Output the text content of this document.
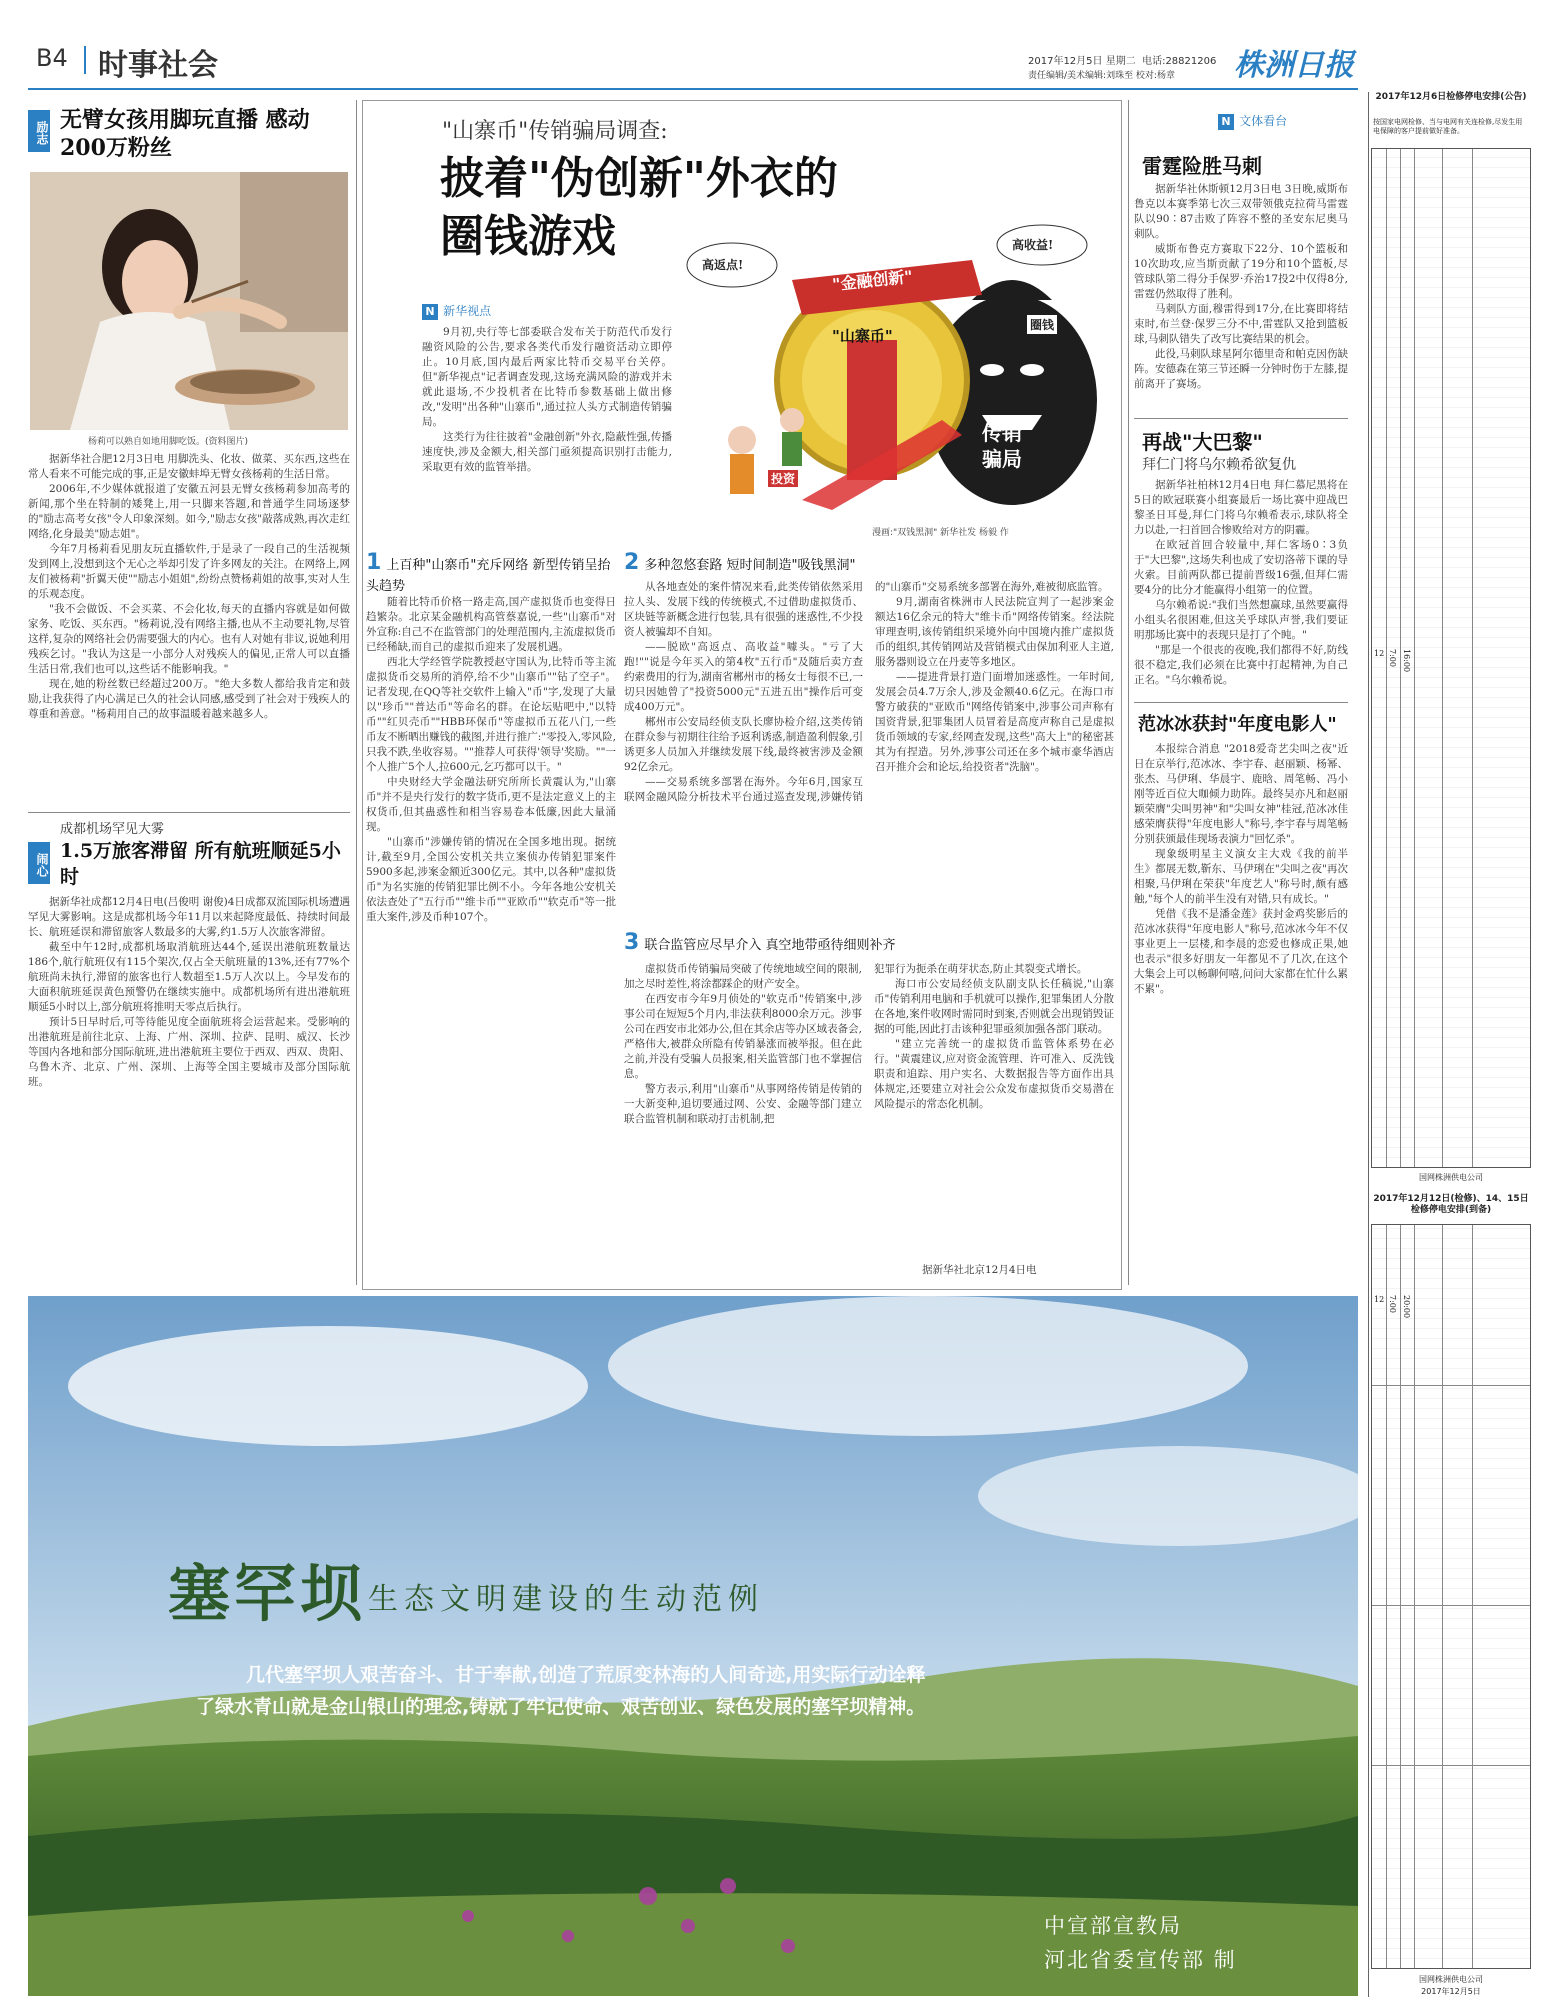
B4 时事社会	2017年12月5日 星期二 电话:28821206
责任编辑/美术编辑:刘珠至 校对:杨章 株洲日报
励志 无臂女孩用脚玩直播 感动200万粉丝
杨莉可以熟自如地用脚吃饭。(资料图片)

据新华社合肥12月3日电 用脚洗头、化妆、做菜、买东西,这些在常人看来不可能完成的事,正是安徽蚌埠无臂女孩杨莉的生活日常。

2006年,不少媒体就报道了安徽五河县无臂女孩杨莉参加高考的新闻,那个坐在特制的矮凳上,用一只脚来答题,和普通学生同场逐梦的"励志高考女孩"令人印象深刻。如今,"励志女孩"敲落成熟,再次走红网络,化身最美"励志姐"。

今年7月杨莉看见朋友玩直播软件,于是录了一段自己的生活视频发到网上,没想到这个无心之举却引发了许多网友的关注。在网络上,网友们被杨莉"折翼天使""励志小姐姐",纷纷点赞杨莉姐的故事,实对人生的乐观态度。

"我不会做饭、不会买菜、不会化妆,每天的直播内容就是如何做家务、吃饭、买东西。"杨莉说,没有网络主播,也从不主动要礼物,尽管这样,复杂的网络社会仍需要强大的内心。也有人对她有非议,说她利用残疾乞讨。"我认为这是一小部分人对残疾人的偏见,正常人可以直播生活日常,我们也可以,这些话不能影响我。"

现在,她的粉丝数已经超过200万。"绝大多数人都给我肯定和鼓励,让我获得了内心满足已久的社会认同感,感受到了社会对于残疾人的尊重和善意。"杨莉用自己的故事温暖着越来越多人。

成都机场罕见大雾
闹心
1.5万旅客滞留 所有航班顺延5小时

据新华社成都12月4日电(吕俊明 谢俊)4日成都双流国际机场遭遇罕见大雾影响。这是成都机场今年11月以来起降度最低、持续时间最长、航班延误和滞留旅客人数最多的大雾,约1.5万人次旅客滞留。

截至中午12时,成都机场取消航班达44个,延误出港航班数量达186个,航行航班仅有115个架次,仅占全天航班量的13%,还有77%个航班尚未执行,滞留的旅客也行人数超至1.5万人次以上。今早发布的大面积航班延误黄色预警仍在继续实施中。成都机场所有进出港航班顺延5小时以上,部分航班将推明天零点后执行。

预计5日早时后,可等待能见度全面航班将会运营起来。受影响的出港航班是前往北京、上海、广州、深圳、拉萨、昆明、威汉、长沙等国内各地和部分国际航班,进出港航班主要位于西双、西双、贵阳、乌鲁木齐、北京、广州、深圳、上海等全国主要城市及部分国际航班。

"山寨币"传销骗局调查:
披着"伪创新"外衣的圈钱游戏
"金融创新"
高返点!
高收益!
"山寨币"
圈钱
传销骗局
投资
漫画:"双钱黑洞" 新华社发 杨毅 作
N 新华视点

9月初,央行等七部委联合发布关于防范代币发行融资风险的公告,要求各类代币发行融资活动立即停止。10月底,国内最后两家比特币交易平台关停。但"新华视点"记者调查发现,这场充满风险的游戏并未就此退场,不少投机者在比特币参数基础上做出修改,"发明"出各种"山寨币",通过拉人头方式制造传销骗局。

这类行为往往披着"金融创新"外衣,隐蔽性强,传播速度快,涉及金额大,相关部门亟须提高识别打击能力,采取更有效的监管举措。

1 上百种"山寨币"充斥网络 新型传销呈抬头趋势

随着比特币价格一路走高,国产虚拟货币也变得日趋繁杂。北京某金融机构高管蔡嘉说,一些"山寨币"对外宣称:自己不在监管部门的处理范围内,主流虚拟货币已经稀缺,而自己的虚拟币迎来了发展机遇。

西北大学经管学院教授赵守国认为,比特币等主流虚拟货币交易所的消停,给不少"山寨币""钻了空子"。记者发现,在QQ等社交软件上输入"币"字,发现了大量以"珍币""普达币"等命名的群。在论坛贴吧中,"以特币""红贝壳币""HBB环保币"等虚拟币五花八门,一些币友不断晒出赚钱的截图,并进行推广:"零投入,零风险,只我不跌,坐收容易。""推荐人可获得'领导'奖励。""一个人推广5个人,拉600元,乞巧都可以干。"

中央财经大学金融法研究所所长黄震认为,"山寨币"并不是央行发行的数字货币,更不是法定意义上的主权货币,但其蛊惑性和相当容易卷本低廉,因此大量涌现。

"山寨币"涉嫌传销的情况在全国多地出现。据统计,截至9月,全国公安机关共立案侦办传销犯罪案件5900多起,涉案金额近300亿元。其中,以各种"虚拟货币"为名实施的传销犯罪比例不小。今年各地公安机关依法查处了"五行币""维卡币""亚欧币""软克币"等一批重大案件,涉及币种107个。

2 多种忽悠套路 短时间制造"吸钱黑洞"

从各地查处的案件情况来看,此类传销依然采用拉人头、发展下线的传统模式,不过借助虚拟货币、区块链等新概念进行包装,具有很强的迷惑性,不少投资人被骗却不自知。

——脱欧"高返点、高收益"噱头。"亏了大跑!""说是今年买入的第4枚"五行币"及随后卖方查约索费用的行为,湖南省郴州市的杨女士每很不已,一切只因她曾了"投资5000元"五进五出"操作后可变成400万元"。

郴州市公安局经侦支队长廖协检介绍,这类传销在群众参与初期往往给予返利诱惑,制造盈利假象,引诱更多人员加入并继续发展下线,最终被害涉及金额92亿余元。

——交易系统多部署在海外。今年6月,国家互联网金融风险分析技术平台通过巡查发现,涉嫌传销的"山寨币"交易系统多部署在海外,难被彻底监管。

9月,湖南省株洲市人民法院宣判了一起涉案金额达16亿余元的特大"维卡币"网络传销案。经法院审理查明,该传销组织采境外向中国境内推广虚拟货币的组织,其传销网站及营销模式由保加利亚人主道,服务器则设立在丹麦等多地区。

——提进背景打造门面增加迷惑性。一年时间,发展会员4.7万余人,涉及金额40.6亿元。在海口市警方破获的"亚欧币"网络传销案中,涉事公司声称有国资背景,犯罪集团人员冒着是高度声称自己是虚拟货币领域的专家,经网查发现,这些"高大上"的秘密甚其为有捏造。另外,涉事公司还在多个城市豪华酒店召开推介会和论坛,给投资者"洗脑"。

3 联合监管应尽早介入 真空地带亟待细则补齐

虚拟货币传销骗局突破了传统地域空间的限制,加之尽时差性,将涂都踩企的财产安全。

在西安市今年9月侦处的"软克币"传销案中,涉事公司在短短5个月内,非法获利8000余万元。涉事公司在西安市北郊办公,但在其余店等办区域表备会,严格伟大,被群众所隐有传销暴涨而被举报。但在此之前,并没有受骗人员报案,相关监管部门也不掌握信息。

警方表示,利用"山寨币"从事网络传销是传销的一大新变种,追切要通过网、公安、金融等部门建立联合监管机制和联动打击机制,把

犯罪行为扼杀在萌芽状态,防止其裂变式增长。

海口市公安局经侦支队副支队长任稿说,"山寨币"传销利用电脑和手机就可以操作,犯罪集团人分散在各地,案件收网时需同时到案,否则就会出现销毁证据的可能,因此打击该种犯罪亟须加强各部门联动。

"建立完善统一的虚拟货币监管体系势在必行。"黄震建议,应对资金流管理、许可准入、反洗钱职责和追踪、用户实名、大数据报告等方面作出具体规定,还要建立对社会公众发布虚拟货币交易潜在风险提示的常态化机制。

据新华社北京12月4日电
N 文体看台
雷霆险胜马刺

据新华社休斯顿12月3日电 3日晚,威斯布鲁克以本赛季第七次三双带领俄克拉荷马雷霆队以90∶87击败了阵容不整的圣安东尼奥马刺队。

威斯布鲁克方赛取下22分、10个篮板和10次助攻,应当斯贡献了19分和10个篮板,尽管球队第二得分手保罗·乔治17投2中仅得8分,雷霆仍然取得了胜利。

马刺队方面,穆雷得到17分,在比赛即将结束时,布兰登·保罗三分不中,雷霆队又抢到篮板球,马刺队错失了改写比赛结果的机会。

此役,马刺队球星阿尔德里奇和帕克因伤缺阵。安德森在第三节还瞬一分钟时伤于左膝,提前离开了赛场。

再战"大巴黎"
拜仁门将乌尔赖希欲复仇

据新华社柏林12月4日电 拜仁慕尼黑将在5日的欧冠联赛小组赛最后一场比赛中迎战巴黎圣日耳曼,拜仁门将乌尔赖希表示,球队将全力以赴,一扫首回合惨败给对方的阴霾。

在欧冠首回合较量中,拜仁客场0∶3负于"大巴黎",这场失利也成了安切洛蒂下课的导火索。目前两队都已提前晋级16强,但拜仁需要4分的比分才能赢得小组第一的位置。

乌尔赖希说:"我们当然想赢球,虽然要赢得小组头名很困难,但这关乎球队声誉,我们要证明那场比赛中的表现只是打了个盹。"

"那是一个很丧的夜晚,我们都得不好,防线很不稳定,我们必须在比赛中打起精神,为自己正名。"乌尔赖希说。

范冰冰获封"年度电影人"

本报综合消息 "2018爱奇艺尖叫之夜"近日在京举行,范冰冰、李宇春、赵丽颖、杨幂、张杰、马伊琍、华晨宇、鹿晗、周笔畅、冯小刚等近百位大咖倾力助阵。最终吴亦凡和赵丽颖荣膺"尖叫男神"和"尖叫女神"桂冠,范冰冰佳感荣膺获得"年度电影人"称号,李宇春与周笔畅分别获颁最佳现场表演力"回忆杀"。

现象级明星主义演女主大戏《我的前半生》都展无数,靳东、马伊琍在"尖叫之夜"再次相聚,马伊琍在荣获"年度艺人"称号时,颇有感触,"每个人的前半生没有对错,只有成长。"

凭借《我不是潘金莲》获封金鸡奖影后的范冰冰获得"年度电影人"称号,范冰冰今年不仅事业更上一层楼,和李晨的恋爱也修成正果,她也表示"很多好朋友一年都见不了几次,在这个大集会上可以畅聊何嘻,问问大家都在忙什么累不累"。

2017年12月6日检修停电安排(公告)
按国家电网检修、当与电网有关连检修,尽发生用电保障的客户提前做好准备。
12 7:00 16:00
国网株洲供电公司
2017年12月12日(检修)、14、15日检修停电安排(到备)
12 7:00 20:00
国网株洲供电公司
2017年12月5日
塞罕坝 生态文明建设的生动范例
几代塞罕坝人艰苦奋斗、甘于奉献,创造了荒原变林海的人间奇迹,用实际行动诠释
了绿水青山就是金山银山的理念,铸就了牢记使命、艰苦创业、绿色发展的塞罕坝精神。
中宣部宣教局
河北省委宣传部 制
